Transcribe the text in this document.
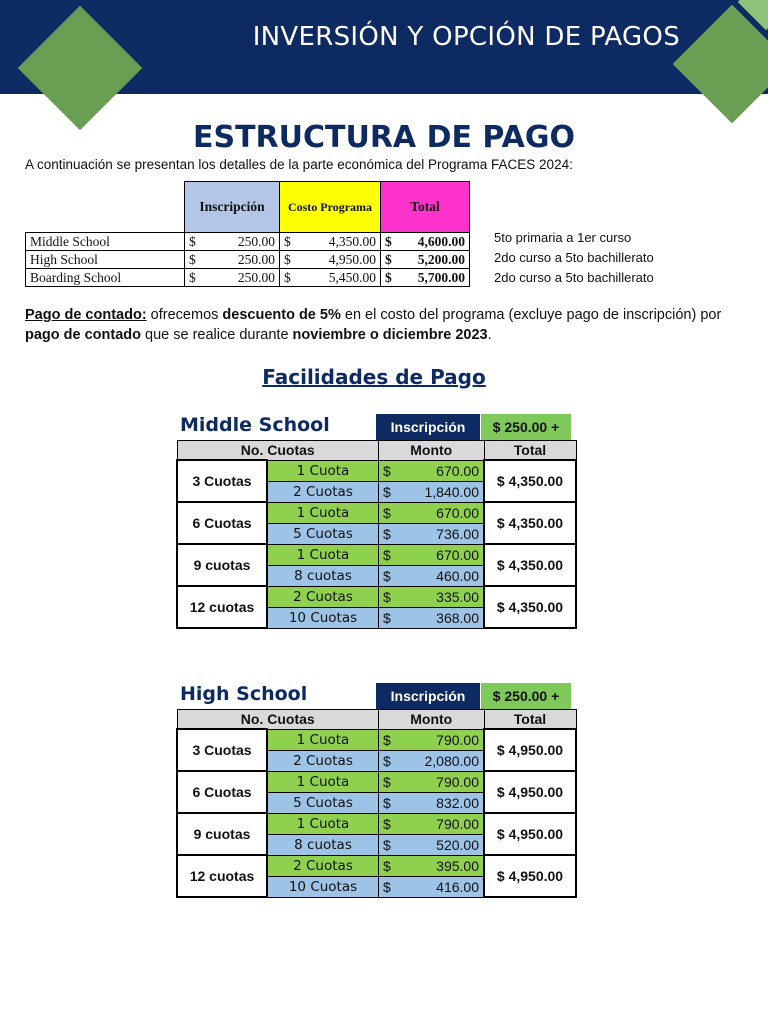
INVERSIÓN Y OPCIÓN DE PAGOS
ESTRUCTURA DE PAGO
A continuación se presentan los detalles de la parte económica del Programa FACES 2024:
	Inscripción	Costo Programa	Total
Middle School	$ 250.00	$ 4,350.00	$ 4,600.00

High School	$ 250.00	$ 4,950.00	$ 5,200.00

Boarding School	$ 250.00	$ 5,450.00	$ 5,700.00
5to primaria a 1er curso
2do curso a 5to bachillerato
2do curso a 5to bachillerato
Pago de contado: ofrecemos descuento de 5% en el costo del programa (excluye pago de inscripción) por pago de contado que se realice durante noviembre o diciembre 2023.
Facilidades de Pago
Middle School	Inscripción	$ 250.00 +
No. Cuotas		Monto	Total
3 Cuotas	1 Cuota	$ 670.00	$ 4,350.00
	2 Cuotas	$ 1,840.00	

6 Cuotas	1 Cuota	$ 670.00	$ 4,350.00
	5 Cuotas	$ 736.00	

9 cuotas	1 Cuota	$ 670.00	$ 4,350.00
	8 cuotas	$ 460.00	

12 cuotas	2 Cuotas	$ 335.00	$ 4,350.00
	10 Cuotas	$ 368.00	
High School	Inscripción	$ 250.00 +
No. Cuotas		Monto	Total
3 Cuotas	1 Cuota	$ 790.00	$ 4,950.00
	2 Cuotas	$ 2,080.00	

6 Cuotas	1 Cuota	$ 790.00	$ 4,950.00
	5 Cuotas	$ 832.00	

9 cuotas	1 Cuota	$ 790.00	$ 4,950.00
	8 cuotas	$ 520.00	

12 cuotas	2 Cuotas	$ 395.00	$ 4,950.00
	10 Cuotas	$ 416.00	
